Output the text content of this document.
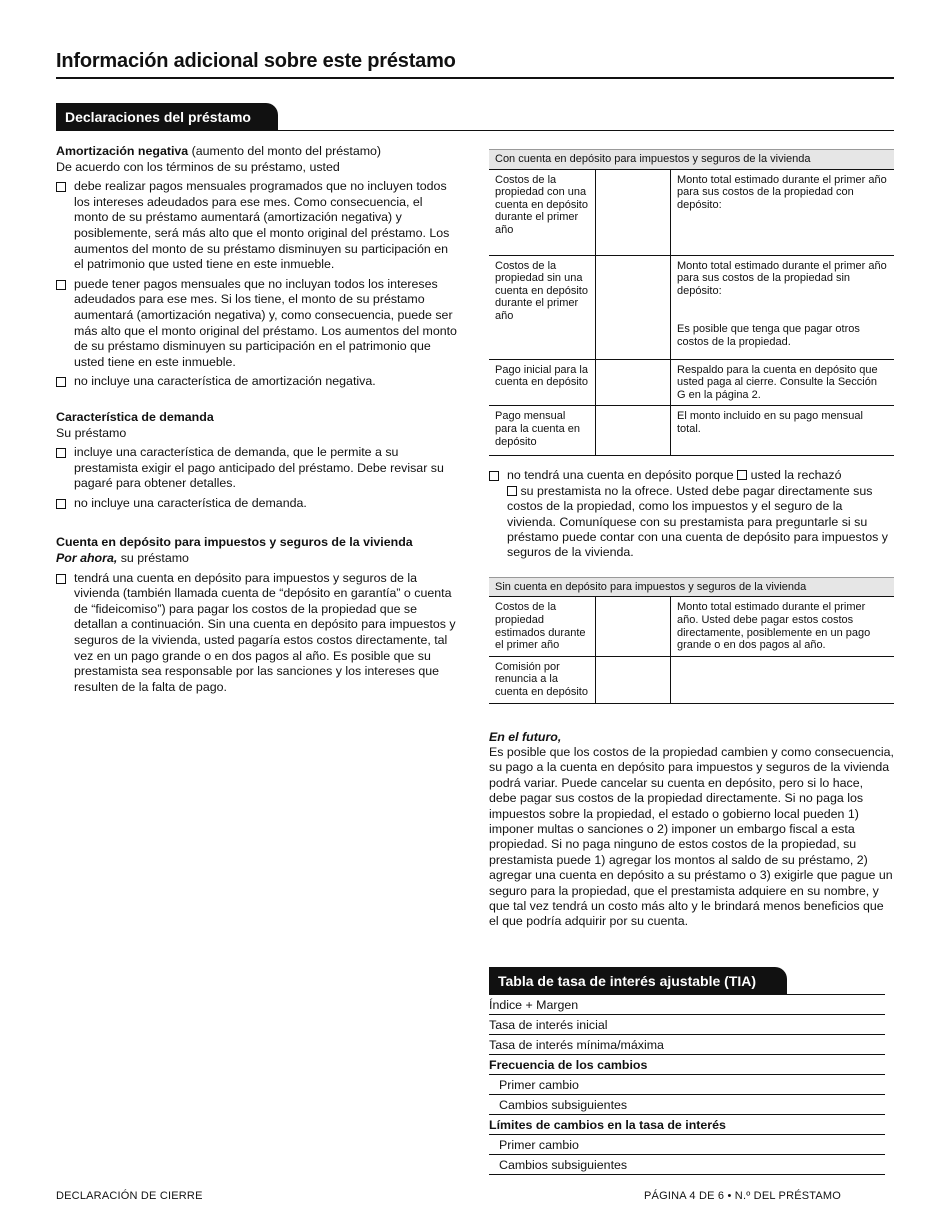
Información adicional sobre este préstamo
Declaraciones del préstamo
Amortización negativa (aumento del monto del préstamo)
De acuerdo con los términos de su préstamo, usted
debe realizar pagos mensuales programados que no incluyen todos los intereses adeudados para ese mes. Como consecuencia, el monto de su préstamo aumentará (amortización negativa) y posiblemente, será más alto que el monto original del préstamo. Los aumentos del monto de su préstamo disminuyen su participación en el patrimonio que usted tiene en este inmueble.
puede tener pagos mensuales que no incluyan todos los intereses adeudados para ese mes. Si los tiene, el monto de su préstamo aumentará (amortización negativa) y, como consecuencia, puede ser más alto que el monto original del préstamo. Los aumentos del monto de su préstamo disminuyen su participación en el patrimonio que usted tiene en este inmueble.
no incluye una característica de amortización negativa.
Característica de demanda
Su préstamo
incluye una característica de demanda, que le permite a su prestamista exigir el pago anticipado del préstamo. Debe revisar su pagaré para obtener detalles.
no incluye una característica de demanda.
Cuenta en depósito para impuestos y seguros de la vivienda
Por ahora, su préstamo
tendrá una cuenta en depósito para impuestos y seguros de la vivienda (también llamada cuenta de “depósito en garantía” o cuenta de “fideicomiso”) para pagar los costos de la propiedad que se detallan a continuación. Sin una cuenta en depósito para impuestos y seguros de la vivienda, usted pagaría estos costos directamente, tal vez en un pago grande o en dos pagos al año. Es posible que su prestamista sea responsable por las sanciones y los intereses que resulten de la falta de pago.
Con cuenta en depósito para impuestos y seguros de la vivienda		
Costos de la propiedad con una cuenta en depósito durante el primer año		Monto total estimado durante el primer año para sus costos de la propiedad con depósito:
Costos de la propiedad sin una cuenta en depósito durante el primer año		Monto total estimado durante el primer año para sus costos de la propiedad sin depósito:
Es posible que tenga que pagar otros costos de la propiedad.

Pago inicial para la cuenta en depósito		Respaldo para la cuenta en depósito que usted paga al cierre. Consulte la Sección G en la página 2.
Pago mensual para la cuenta en depósito		El monto incluido en su pago mensual total.
no tendrá una cuenta en depósito porque  usted la rechazó
su prestamista no la ofrece. Usted debe pagar directamente sus costos de la propiedad, como los impuestos y el seguro de la vivienda. Comuníquese con su prestamista para preguntarle si su préstamo puede contar con una cuenta de depósito para impuestos y seguros de la vivienda.
Sin cuenta en depósito para impuestos y seguros de la vivienda		
Costos de la propiedad estimados durante el primer año		Monto total estimado durante el primer año. Usted debe pagar estos costos directamente, posiblemente en un pago grande o en dos pagos al año.
Comisión por renuncia a la cuenta en depósito		
En el futuro,
Es posible que los costos de la propiedad cambien y como consecuencia, su pago a la cuenta en depósito para impuestos y seguros de la vivienda podrá variar. Puede cancelar su cuenta en depósito, pero si lo hace, debe pagar sus costos de la propiedad directamente. Si no paga los impuestos sobre la propiedad, el estado o gobierno local pueden 1) imponer multas o sanciones o 2) imponer un embargo fiscal a esta propiedad. Si no paga ninguno de estos costos de la propiedad, su prestamista puede 1) agregar los montos al saldo de su préstamo, 2) agregar una cuenta en depósito a su préstamo o 3) exigirle que pague un seguro para la propiedad, que el prestamista adquiere en su nombre, y que tal vez tendrá un costo más alto y le brindará menos beneficios que el que podría adquirir por su cuenta.
Tabla de tasa de interés ajustable (TIA)
Índice + Margen
Tasa de interés inicial
Tasa de interés mínima/máxima
Frecuencia de los cambios
Primer cambio
Cambios subsiguientes
Límites de cambios en la tasa de interés
Primer cambio
Cambios subsiguientes
DECLARACIÓN DE CIERRE	PÁGINA 4 DE 6 • N.º DEL PRÉSTAMO
